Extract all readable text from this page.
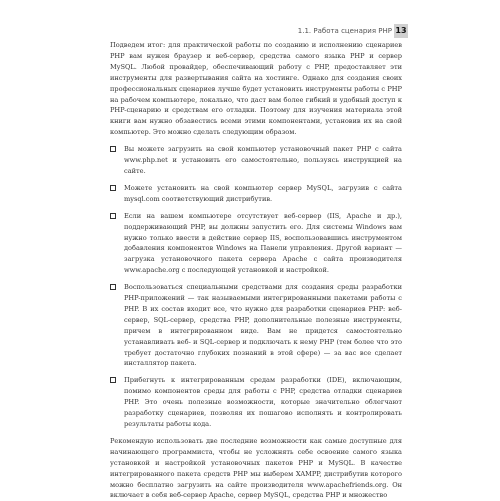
1.1. Работа сценария PHP 13

Подведем итог: для практической работы по созданию и исполнению сценариев PHP вам нужен браузер и веб-сервер, средства самого языка PHP и сервер MySQL. Любой провайдер, обеспечивающий работу с PHP, предоставляет эти инструменты для развертывания сайта на хостинге. Однако для создания своих профессиональных сценариев лучше будет установить инструменты работы с PHP на рабочем компьютере, локально, что даст вам более гибкий и удобный доступ к PHP-сценарию и средствам его отладки. Поэтому для изучения материала этой книги вам нужно обзавестись всеми этими компонентами, установив их на свой компьютер. Это можно сделать следующим образом.

Вы можете загрузить на свой компьютер установочный пакет PHP с сайта www.php.net и установить его самостоятельно, пользуясь инструкцией на сайте.
Можете установить на свой компьютер сервер MySQL, загрузив с сайта mysql.com соответствующий дистрибутив.
Если на вашем компьютере отсутствует веб-сервер (IIS, Apache и др.), поддерживающий PHP, вы должны запустить его. Для системы Windows вам нужно только ввести в действие сервер IIS, воспользовавшись инструментом добавления компонентов Windows на Панели управления. Другой вариант — загрузка установочного пакета сервера Apache с сайта производителя www.apache.org с последующей установкой и настройкой.
Воспользоваться специальными средствами для создания среды разработки PHP-приложений — так называемыми интегрированными пакетами работы с PHP. В их состав входит все, что нужно для разработки сценариев PHP: веб-сервер, SQL-сервер, средства PHP, дополнительные полезные инструменты, причем в интегрированном виде. Вам не придется самостоятельно устанавливать веб- и SQL-сервер и подключать к нему PHP (тем более что это требует достаточно глубоких познаний в этой сфере) — за вас все сделает инсталлятор пакета.
Прибегнуть к интегрированным средам разработки (IDE), включающим, помимо компонентов среды для работы с PHP, средства отладки сценариев PHP. Это очень полезные возможности, которые значительно облегчают разработку сценариев, позволяя их пошагово исполнять и контролировать результаты работы кода.

Рекомендую использовать две последние возможности как самые доступные для начинающего программиста, чтобы не усложнять себе освоение самого языка установкой и настройкой установочных пакетов PHP и MySQL. В качестве интегрированного пакета средств PHP мы выберем XAMPP, дистрибутив которого можно бесплатно загрузить на сайте производителя www.apachefriends.org. Он включает в себя веб-сервер Apache, сервер MySQL, средства PHP и множество
